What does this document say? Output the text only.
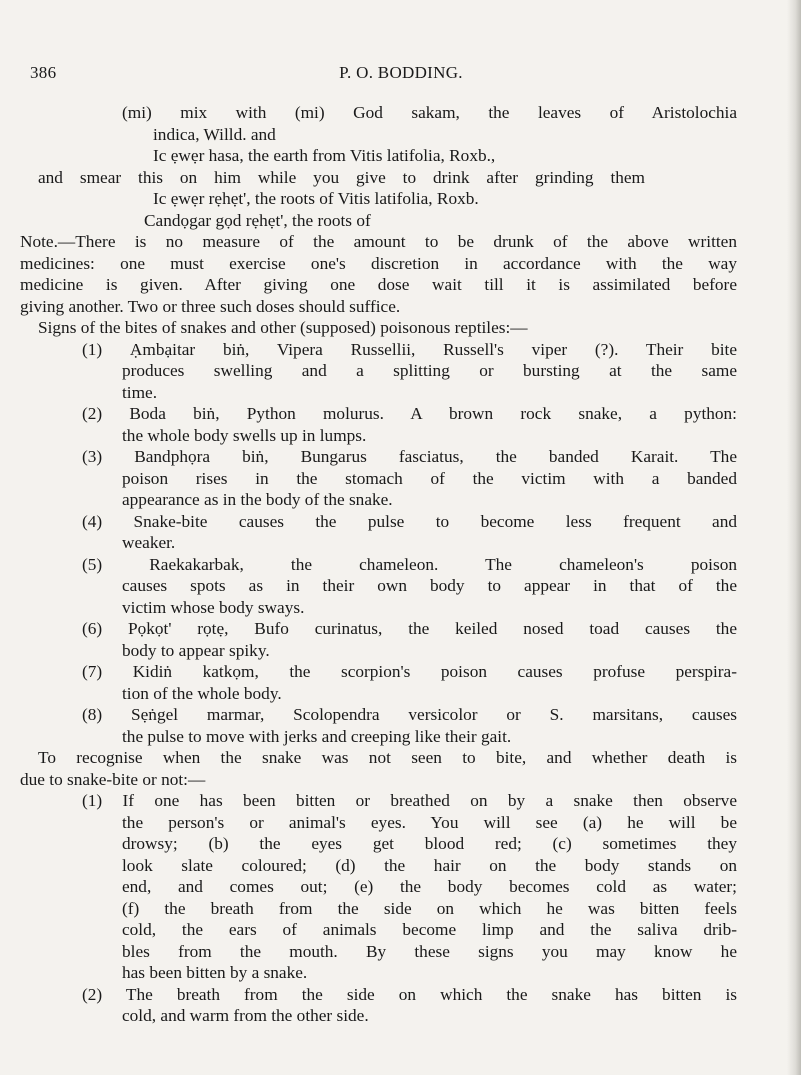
386	P. O. BODDING.
(mi) mix with (mi) God sakam, the leaves of Aristolochia
indica, Willd. and
Ic ẹwẹr hasa, the earth from Vitis latifolia, Roxb.,
and smear this on him while you give to drink after grinding them
Ic ẹwẹr rẹhẹt', the roots of Vitis latifolia, Roxb.
Candọgar gọd rẹhẹt', the roots of
Note.—There is no measure of the amount to be drunk of the above written
medicines: one must exercise one's discretion in accordance with the way
medicine is given. After giving one dose wait till it is assimilated before
giving another. Two or three such doses should suffice.
Signs of the bites of snakes and other (supposed) poisonous reptiles:—
(1) Ạmbạitar biṅ, Vipera Russellii, Russell's viper (?). Their bite
produces swelling and a splitting or bursting at the same
time.
(2) Boda biṅ, Python molurus. A brown rock snake, a python:
the whole body swells up in lumps.
(3) Bandphọra biṅ, Bungarus fasciatus, the banded Karait. The
poison rises in the stomach of the victim with a banded
appearance as in the body of the snake.
(4) Snake-bite causes the pulse to become less frequent and
weaker.
(5) Raekakarbak, the chameleon. The chameleon's poison
causes spots as in their own body to appear in that of the
victim whose body sways.
(6) Pọkọt' rọtẹ, Bufo curinatus, the keiled nosed toad causes the
body to appear spiky.
(7) Kidiṅ katkọm, the scorpion's poison causes profuse perspira-
tion of the whole body.
(8) Sẹṅgel marmar, Scolopendra versicolor or S. marsitans, causes
the pulse to move with jerks and creeping like their gait.
To recognise when the snake was not seen to bite, and whether death is
due to snake-bite or not:—
(1) If one has been bitten or breathed on by a snake then observe
the person's or animal's eyes. You will see (a) he will be
drowsy; (b) the eyes get blood red; (c) sometimes they
look slate coloured; (d) the hair on the body stands on
end, and comes out; (e) the body becomes cold as water;
(f) the breath from the side on which he was bitten feels
cold, the ears of animals become limp and the saliva drib-
bles from the mouth. By these signs you may know he
has been bitten by a snake.
(2) The breath from the side on which the snake has bitten is
cold, and warm from the other side.
